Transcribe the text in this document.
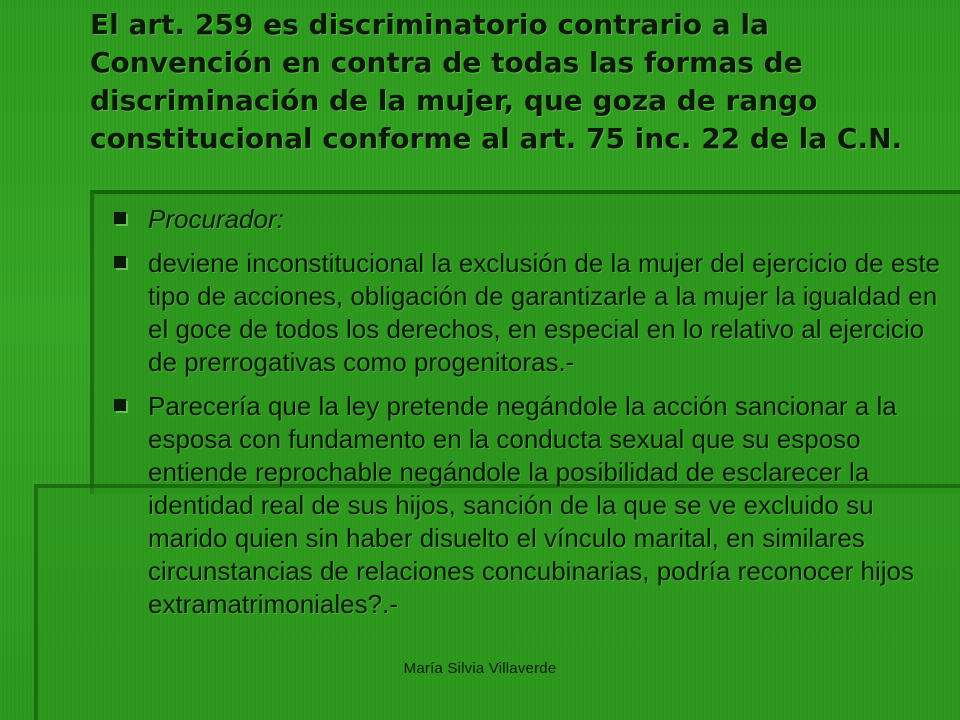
El art. 259 es discriminatorio contrario a la Convención en contra de todas las formas de discriminación de la mujer, que goza de rango constitucional conforme al art. 75 inc. 22 de la C.N.
Procurador:
deviene inconstitucional la exclusión de la mujer del ejercicio de este tipo de acciones, obligación de garantizarle a la mujer la igualdad en el goce de todos los derechos, en especial en lo relativo al ejercicio de prerrogativas como progenitoras.-
Parecería que la ley pretende negándole la acción sancionar a la esposa con fundamento en la conducta sexual que su esposo entiende reprochable negándole la posibilidad de esclarecer la identidad real de sus hijos, sanción de la que se ve excluido su marido quien sin haber disuelto el vínculo marital, en similares circunstancias de relaciones concubinarias, podría reconocer hijos extramatrimoniales?.-
María Silvia Villaverde
